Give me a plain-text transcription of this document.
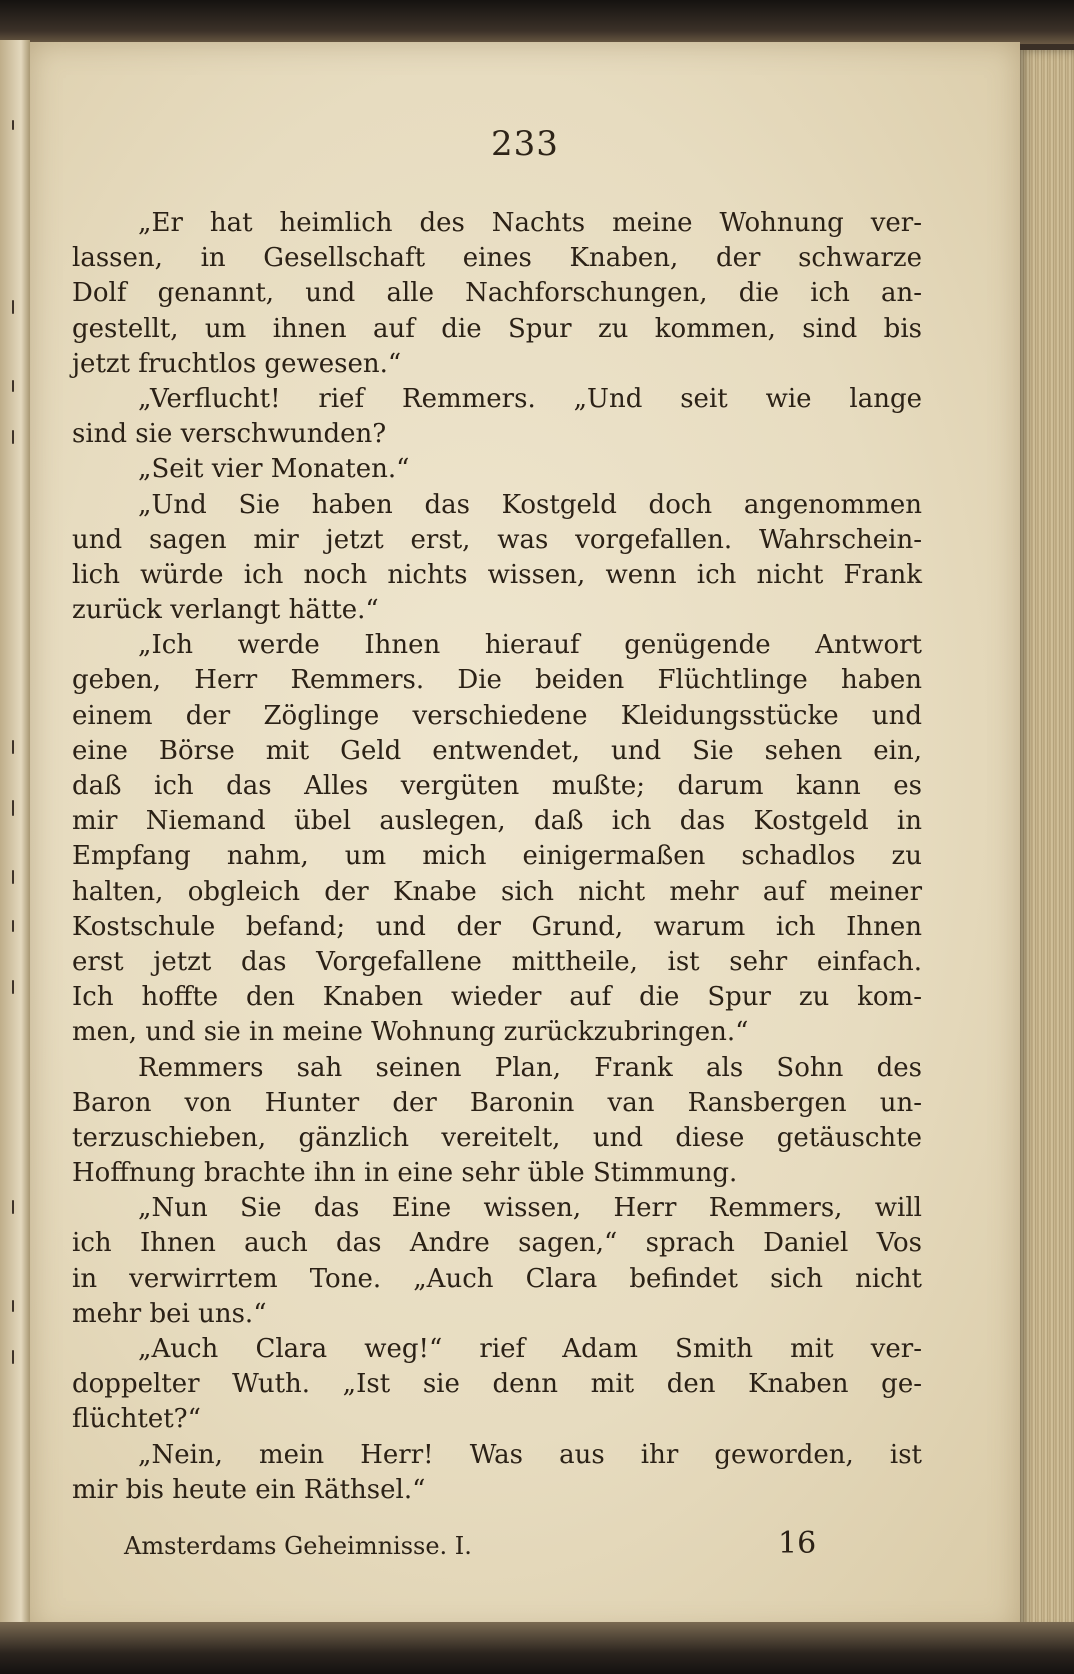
233
„Er hat heimlich des Nachts meine Wohnung ver-
lassen, in Gesellschaft eines Knaben, der schwarze
Dolf genannt, und alle Nachforschungen, die ich an-
gestellt, um ihnen auf die Spur zu kommen, sind bis
jetzt fruchtlos gewesen.“
„Verflucht! rief Remmers. „Und seit wie lange
sind sie verschwunden?
„Seit vier Monaten.“
„Und Sie haben das Kostgeld doch angenommen
und sagen mir jetzt erst, was vorgefallen. Wahrschein-
lich würde ich noch nichts wissen, wenn ich nicht Frank
zurück verlangt hätte.“
„Ich werde Ihnen hierauf genügende Antwort
geben, Herr Remmers. Die beiden Flüchtlinge haben
einem der Zöglinge verschiedene Kleidungsstücke und
eine Börse mit Geld entwendet, und Sie sehen ein,
daß ich das Alles vergüten mußte; darum kann es
mir Niemand übel auslegen, daß ich das Kostgeld in
Empfang nahm, um mich einigermaßen schadlos zu
halten, obgleich der Knabe sich nicht mehr auf meiner
Kostschule befand; und der Grund, warum ich Ihnen
erst jetzt das Vorgefallene mittheile, ist sehr einfach.
Ich hoffte den Knaben wieder auf die Spur zu kom-
men, und sie in meine Wohnung zurückzubringen.“
Remmers sah seinen Plan, Frank als Sohn des
Baron von Hunter der Baronin van Ransbergen un-
terzuschieben, gänzlich vereitelt, und diese getäuschte
Hoffnung brachte ihn in eine sehr üble Stimmung.
„Nun Sie das Eine wissen, Herr Remmers, will
ich Ihnen auch das Andre sagen,“ sprach Daniel Vos
in verwirrtem Tone. „Auch Clara befindet sich nicht
mehr bei uns.“
„Auch Clara weg!“ rief Adam Smith mit ver-
doppelter Wuth. „Ist sie denn mit den Knaben ge-
flüchtet?“
„Nein, mein Herr! Was aus ihr geworden, ist
mir bis heute ein Räthsel.“
Amsterdams Geheimnisse. I.	16
